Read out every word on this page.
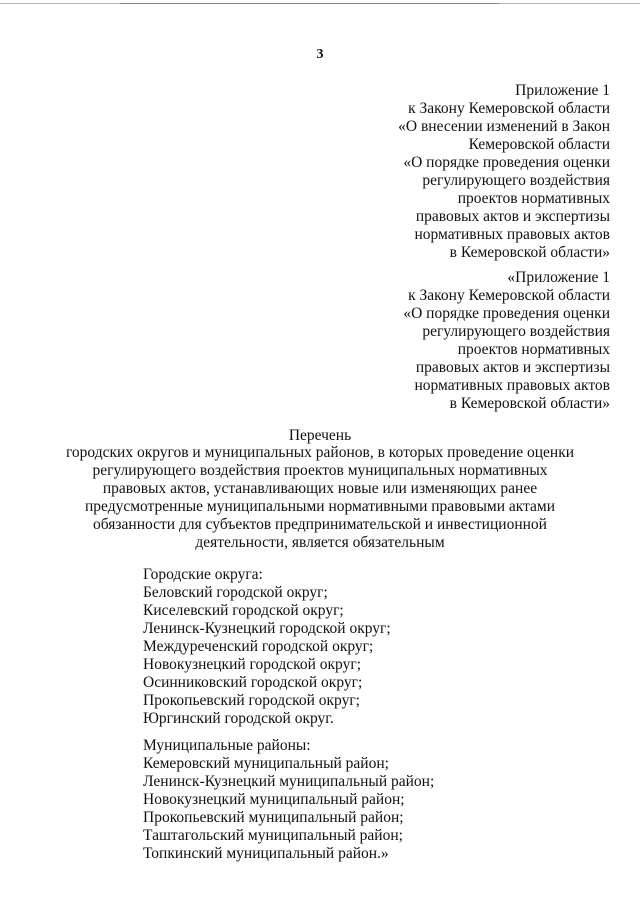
3
Приложение 1
к Закону Кемеровской области
«О внесении изменений в Закон
Кемеровской области
«О порядке проведения оценки
регулирующего воздействия
проектов нормативных
правовых актов и экспертизы
нормативных правовых актов
в Кемеровской области»
«Приложение 1
к Закону Кемеровской области
«О порядке проведения оценки
регулирующего воздействия
проектов нормативных
правовых актов и экспертизы
нормативных правовых актов
в Кемеровской области»
Перечень
городских округов и муниципальных районов, в которых проведение оценки
регулирующего воздействия проектов муниципальных нормативных
правовых актов, устанавливающих новые или изменяющих ранее
предусмотренные муниципальными нормативными правовыми актами
обязанности для субъектов предпринимательской и инвестиционной
деятельности, является обязательным
Городские округа:
Беловский городской округ;
Киселевский городской округ;
Ленинск-Кузнецкий городской округ;
Междуреченский городской округ;
Новокузнецкий городской округ;
Осинниковский городской округ;
Прокопьевский городской округ;
Юргинский городской округ.
Муниципальные районы:
Кемеровский муниципальный район;
Ленинск-Кузнецкий муниципальный район;
Новокузнецкий муниципальный район;
Прокопьевский муниципальный район;
Таштагольский муниципальный район;
Топкинский муниципальный район.»
